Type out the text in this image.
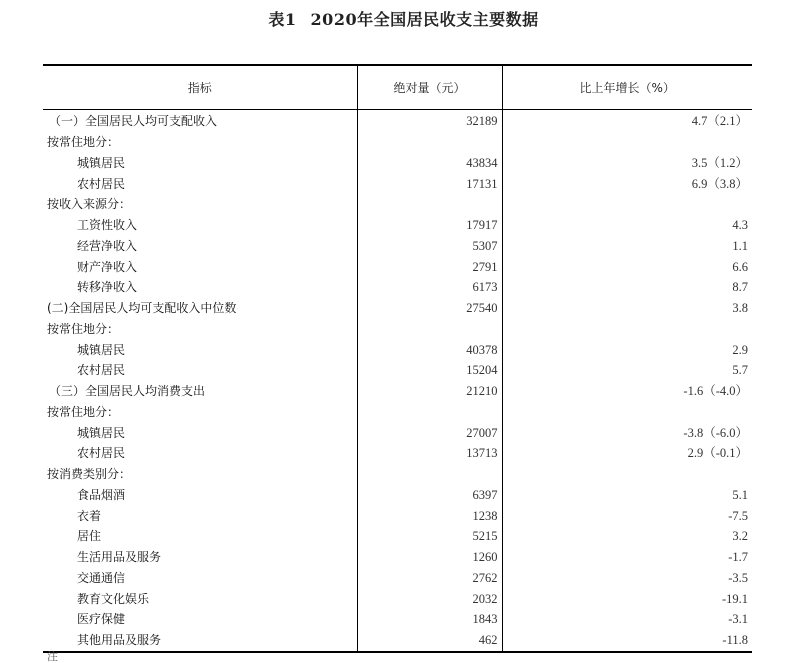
表1 2020年全国居民收支主要数据
指标	绝对量（元）	比上年增长（%）
（一）全国居民人均可支配收入	32189	4.7（2.1）
按常住地分：		
城镇居民	43834	3.5（1.2）
农村居民	17131	6.9（3.8）
按收入来源分：		
工资性收入	17917	4.3
经营净收入	5307	1.1
财产净收入	2791	6.6
转移净收入	6173	8.7
(二)全国居民人均可支配收入中位数	27540	3.8
按常住地分：		
城镇居民	40378	2.9
农村居民	15204	5.7
（三）全国居民人均消费支出	21210	-1.6（-4.0）
按常住地分：		
城镇居民	27007	-3.8（-6.0）
农村居民	13713	2.9（-0.1）
按消费类别分：		
食品烟酒	6397	5.1
衣着	1238	-7.5
居住	5215	3.2
生活用品及服务	1260	-1.7
交通通信	2762	-3.5
教育文化娱乐	2032	-19.1
医疗保健	1843	-3.1
其他用品及服务	462	-11.8
注
